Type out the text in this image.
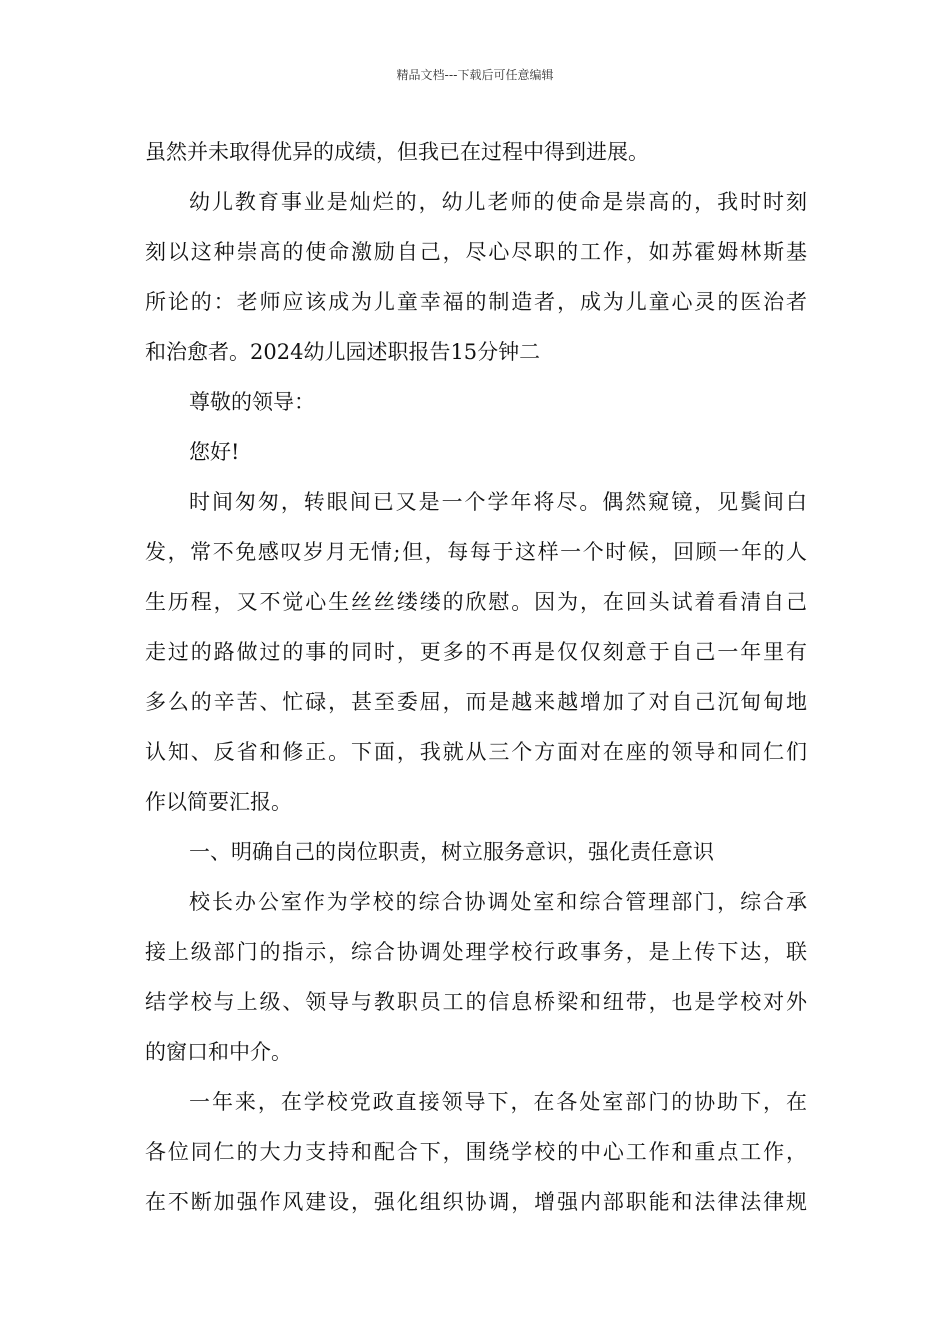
精品文档---下载后可任意编辑
虽然并未取得优异的成绩，但我已在过程中得到进展。
幼儿教育事业是灿烂的，幼儿老师的使命是崇高的，我时时刻
刻以这种崇高的使命激励自己，尽心尽职的工作，如苏霍姆林斯基
所论的：老师应该成为儿童幸福的制造者，成为儿童心灵的医治者
和治愈者。2024幼儿园述职报告15分钟二
尊敬的领导：
您好!
时间匆匆，转眼间已又是一个学年将尽。偶然窥镜，见鬓间白
发，常不免感叹岁月无情;但，每每于这样一个时候，回顾一年的人
生历程，又不觉心生丝丝缕缕的欣慰。因为，在回头试着看清自己
走过的路做过的事的同时，更多的不再是仅仅刻意于自己一年里有
多么的辛苦、忙碌，甚至委屈，而是越来越增加了对自己沉甸甸地
认知、反省和修正。下面，我就从三个方面对在座的领导和同仁们
作以简要汇报。
一、明确自己的岗位职责，树立服务意识，强化责任意识
校长办公室作为学校的综合协调处室和综合管理部门，综合承
接上级部门的指示，综合协调处理学校行政事务，是上传下达，联
结学校与上级、领导与教职员工的信息桥梁和纽带，也是学校对外
的窗口和中介。
一年来，在学校党政直接领导下，在各处室部门的协助下，在
各位同仁的大力支持和配合下，围绕学校的中心工作和重点工作，
在不断加强作风建设，强化组织协调，增强内部职能和法律法律规
